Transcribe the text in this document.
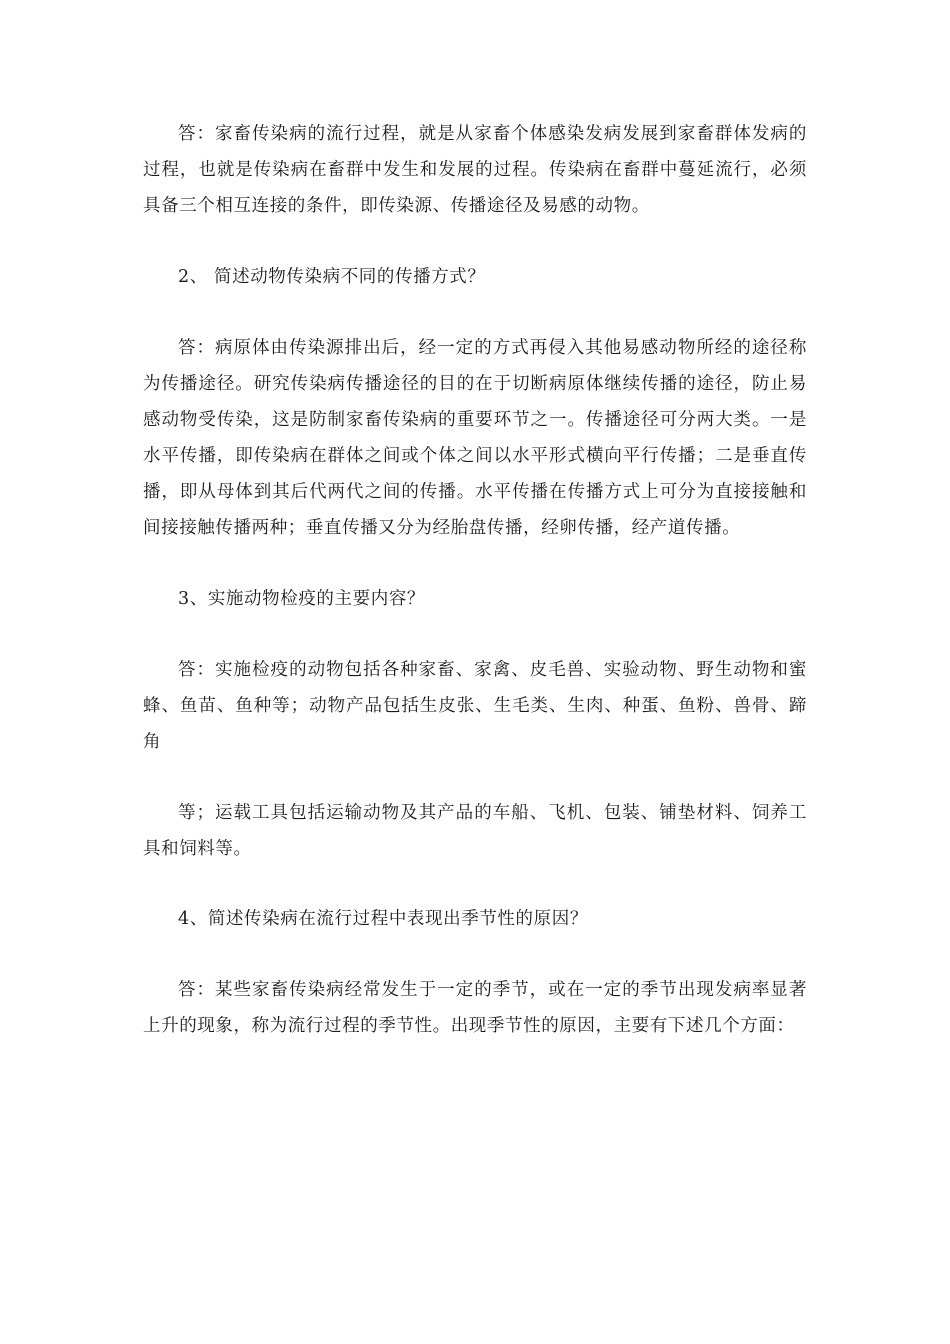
答：家畜传染病的流行过程，就是从家畜个体感染发病发展到家畜群体发病的过程，也就是传染病在畜群中发生和发展的过程。传染病在畜群中蔓延流行，必须具备三个相互连接的条件，即传染源、传播途径及易感的动物。

2、 简述动物传染病不同的传播方式？

答：病原体由传染源排出后，经一定的方式再侵入其他易感动物所经的途径称为传播途径。研究传染病传播途径的目的在于切断病原体继续传播的途径，防止易感动物受传染，这是防制家畜传染病的重要环节之一。传播途径可分两大类。一是水平传播，即传染病在群体之间或个体之间以水平形式横向平行传播；二是垂直传播，即从母体到其后代两代之间的传播。水平传播在传播方式上可分为直接接触和间接接触传播两种；垂直传播又分为经胎盘传播，经卵传播，经产道传播。

3、实施动物检疫的主要内容？

答：实施检疫的动物包括各种家畜、家禽、皮毛兽、实验动物、野生动物和蜜蜂、鱼苗、鱼种等；动物产品包括生皮张、生毛类、生肉、种蛋、鱼粉、兽骨、蹄角

等；运载工具包括运输动物及其产品的车船、飞机、包装、铺垫材料、饲养工具和饲料等。

4、简述传染病在流行过程中表现出季节性的原因？

答：某些家畜传染病经常发生于一定的季节，或在一定的季节出现发病率显著上升的现象，称为流行过程的季节性。出现季节性的原因，主要有下述几个方面：
